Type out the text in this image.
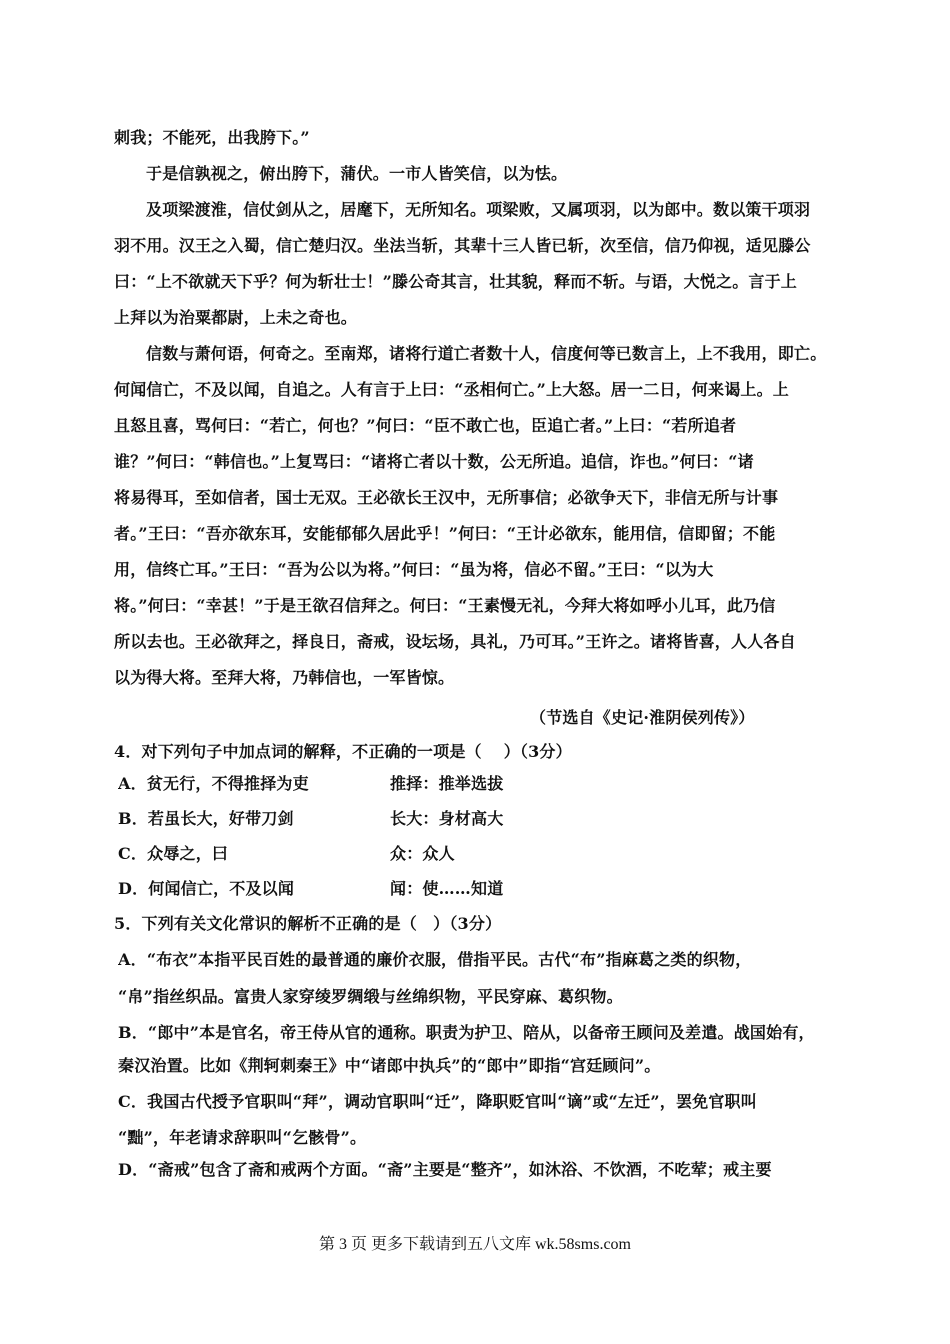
刺我；不能死，出我胯下。”
于是信孰视之，俯出胯下，蒲伏。一市人皆笑信，以为怯。
及项梁渡淮，信仗剑从之，居麾下，无所知名。项梁败，又属项羽，以为郎中。数以策干项羽
羽不用。汉王之入蜀，信亡楚归汉。坐法当斩，其辈十三人皆已斩，次至信，信乃仰视，适见滕公
曰：“上不欲就天下乎？何为斩壮士！”滕公奇其言，壮其貌，释而不斩。与语，大悦之。言于上
上拜以为治粟都尉，上未之奇也。
信数与萧何语，何奇之。至南郑，诸将行道亡者数十人，信度何等已数言上，上不我用，即亡。
何闻信亡，不及以闻，自追之。人有言于上曰：“丞相何亡。”上大怒。居一二日，何来谒上。上
且怒且喜，骂何曰：“若亡，何也？”何曰：“臣不敢亡也，臣追亡者。”上曰：“若所追者
谁？”何曰：“韩信也。”上复骂曰：“诸将亡者以十数，公无所追。追信，诈也。”何曰：“诸
将易得耳，至如信者，国士无双。王必欲长王汉中，无所事信；必欲争天下，非信无所与计事
者。”王曰：“吾亦欲东耳，安能郁郁久居此乎！”何曰：“王计必欲东，能用信，信即留；不能
用，信终亡耳。”王曰：“吾为公以为将。”何曰：“虽为将，信必不留。”王曰：“以为大
将。”何曰：“幸甚！”于是王欲召信拜之。何曰：“王素慢无礼，今拜大将如呼小儿耳，此乃信
所以去也。王必欲拜之，择良日，斋戒，设坛场，具礼，乃可耳。”王许之。诸将皆喜，人人各自
以为得大将。至拜大将，乃韩信也，一军皆惊。
（节选自《史记·淮阴侯列传》）
4．对下列句子中加点词的解释，不正确的一项是（　 ）（3分）
A．贫无行，不得推择为吏	推择：推举选拔
B．若虽长大，好带刀剑	长大：身材高大
C．众辱之，曰	众：众人
D．何闻信亡，不及以闻	闻：使……知道
5．下列有关文化常识的解析不正确的是（　）（3分）
A．“布衣”本指平民百姓的最普通的廉价衣服，借指平民。古代“布”指麻葛之类的织物，
“帛”指丝织品。富贵人家穿绫罗绸缎与丝绵织物，平民穿麻、葛织物。
B．“郎中”本是官名，帝王侍从官的通称。职责为护卫、陪从，以备帝王顾问及差遣。战国始有，
秦汉治置。比如《荆轲刺秦王》中“诸郎中执兵”的“郎中”即指“宫廷顾问”。
C．我国古代授予官职叫“拜”，调动官职叫“迁”，降职贬官叫“谪”或“左迁”，罢免官职叫
“黜”，年老请求辞职叫“乞骸骨”。
D．“斋戒”包含了斋和戒两个方面。“斋”主要是“整齐”，如沐浴、不饮酒，不吃荤；戒主要
第 3 页 更多下载请到五八文库 wk.58sms.com
